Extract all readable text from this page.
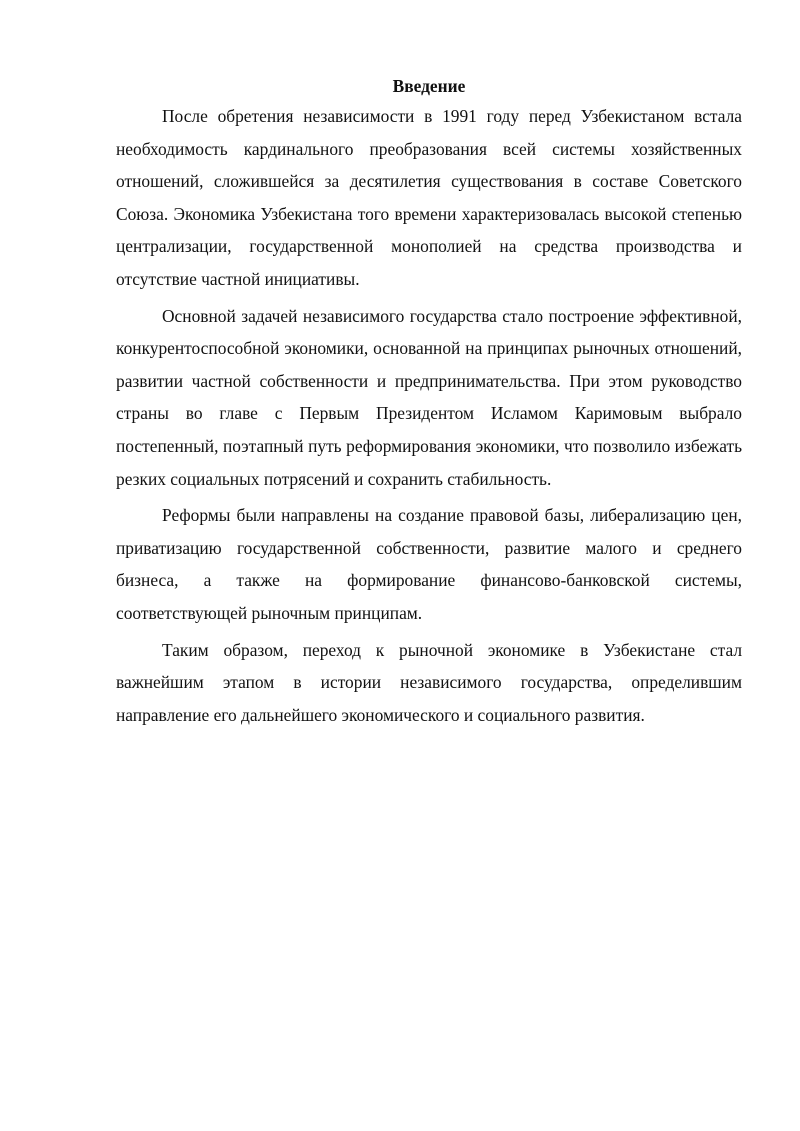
Введение

После обретения независимости в 1991 году перед Узбекистаном встала необходимость кардинального преобразования всей системы хозяйственных отношений, сложившейся за десятилетия существования в составе Советского Союза. Экономика Узбекистана того времени характеризовалась высокой степенью централизации, государственной монополией на средства производства и отсутствие частной инициативы.

Основной задачей независимого государства стало построение эффективной, конкурентоспособной экономики, основанной на принципах рыночных отношений, развитии частной собственности и предпринимательства. При этом руководство страны во главе с Первым Президентом Исламом Каримовым выбрало постепенный, поэтапный путь реформирования экономики, что позволило избежать резких социальных потрясений и сохранить стабильность.

Реформы были направлены на создание правовой базы, либерализацию цен, приватизацию государственной собственности, развитие малого и среднего бизнеса, а также на формирование финансово-банковской системы, соответствующей рыночным принципам.

Таким образом, переход к рыночной экономике в Узбекистане стал важнейшим этапом в истории независимого государства, определившим направление его дальнейшего экономического и социального развития.
